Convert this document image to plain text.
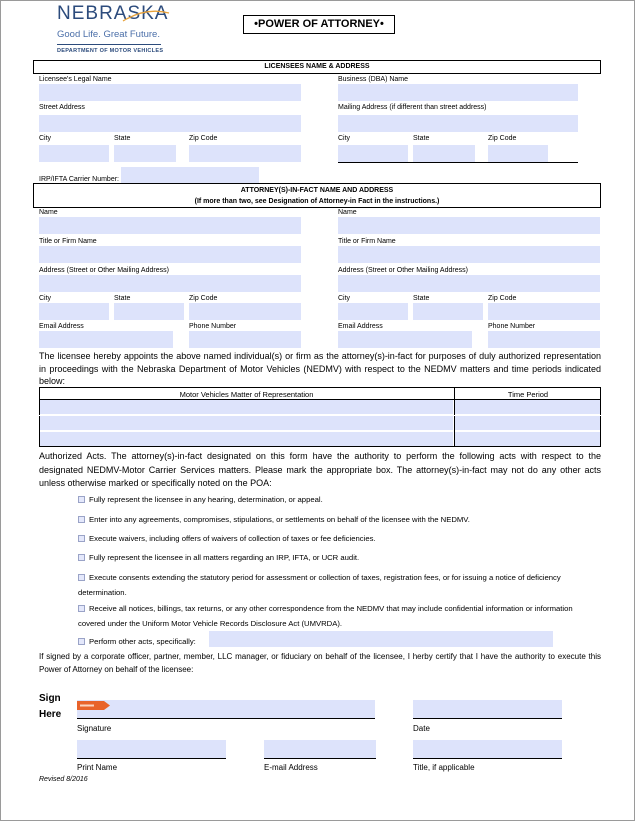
NEBRASKA
Good Life. Great Future.
DEPARTMENT OF MOTOR VEHICLES
•POWER OF ATTORNEY•
LICENSEES NAME & ADDRESS
Licensee's Legal Name	Business (DBA) Name
Street Address	Mailing Address (if different than street address)
City	State	Zip Code	City	State	Zip Code
IRP/IFTA Carrier Number:
ATTORNEY(S)-IN-FACT NAME AND ADDRESS
(If more than two, see Designation of Attorney-in Fact in the instructions.)
Name
Title or Firm Name
Address (Street or Other Mailing Address)
City	State	Zip Code
Email Address	Phone Number
Name
Title or Firm Name
Address (Street or Other Mailing Address)
City	State	Zip Code
Email Address	Phone Number
The licensee hereby appoints the above named individual(s) or firm as the attorney(s)-in-fact for purposes of duly authorized representation in proceedings with the Nebraska Department of Motor Vehicles (NEDMV) with respect to the NEDMV matters and time periods indicated below:
Motor Vehicles Matter of Representation	Time Period
Authorized Acts. The attorney(s)-in-fact designated on this form have the authority to perform the following acts with respect to the designated NEDMV-Motor Carrier Services matters. Please mark the appropriate box. The attorney(s)-in-fact may not do any other acts unless otherwise marked or specifically noted on the POA:
Fully represent the licensee in any hearing, determination, or appeal.
Enter into any agreements, compromises, stipulations, or settlements on behalf of the licensee with the NEDMV.
Execute waivers, including offers of waivers of collection of taxes or fee deficiencies.
Fully represent the licensee in all matters regarding an IRP, IFTA, or UCR audit.
Execute consents extending the statutory period for assessment or collection of taxes, registration fees, or for issuing a notice of deficiency determination.
Receive all notices, billings, tax returns, or any other correspondence from the NEDMV that may include confidential information or information covered under the Uniform Motor Vehicle Records Disclosure Act (UMVRDA).
Perform other acts, specifically:
If signed by a corporate officer, partner, member, LLC manager, or fiduciary on behalf of the licensee, I herby certify that I have the authority to execute this Power of Attorney on behalf of the licensee:
Sign
Here
Signature	Date
Print Name	E-mail Address	Title, if applicable
Revised 8/2016
